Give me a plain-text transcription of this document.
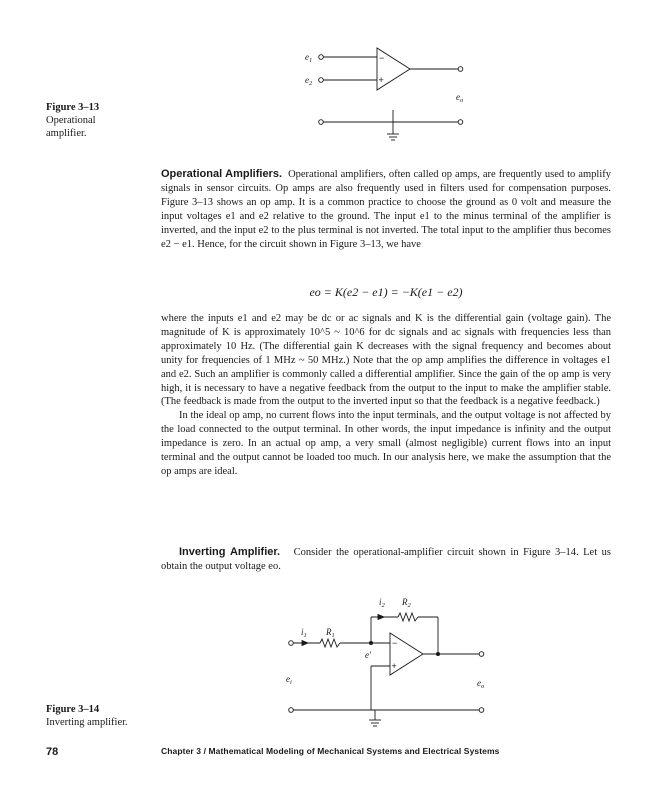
$e_1$
$e_2$
−
+
$e_o$
Figure 3–13
Operational
amplifier.

Operational Amplifiers. Operational amplifiers, often called op amps, are frequently used to amplify signals in sensor circuits. Op amps are also frequently used in filters used for compensation purposes. Figure 3–13 shows an op amp. It is a common practice to choose the ground as 0 volt and measure the input voltages e1 and e2 relative to the ground. The input e1 to the minus terminal of the amplifier is inverted, and the input e2 to the plus terminal is not inverted. The total input to the amplifier thus becomes e2 − e1. Hence, for the circuit shown in Figure 3–13, we have

eo = K(e2 − e1) = −K(e1 − e2)

where the inputs e1 and e2 may be dc or ac signals and K is the differential gain (voltage gain). The magnitude of K is approximately 10^5 ~ 10^6 for dc signals and ac signals with frequencies less than approximately 10 Hz. (The differential gain K decreases with the signal frequency and becomes about unity for frequencies of 1 MHz ~ 50 MHz.) Note that the op amp amplifies the difference in voltages e1 and e2. Such an amplifier is commonly called a differential amplifier. Since the gain of the op amp is very high, it is necessary to have a negative feedback from the output to the input to make the amplifier stable. (The feedback is made from the output to the inverted input so that the feedback is a negative feedback.)

In the ideal op amp, no current flows into the input terminals, and the output voltage is not affected by the load connected to the output terminal. In other words, the input impedance is infinity and the output impedance is zero. In an actual op amp, a very small (almost negligible) current flows into an input terminal and the output cannot be loaded too much. In our analysis here, we make the assumption that the op amps are ideal.

Inverting Amplifier. Consider the operational-amplifier circuit shown in Figure 3–14. Let us obtain the output voltage eo.

$i_1$ $R_1$
$i_2$ $R_2$
e′
−
+
$e_i$	$e_o$
Figure 3–14
Inverting amplifier.
78	Chapter 3 / Mathematical Modeling of Mechanical Systems and Electrical Systems
